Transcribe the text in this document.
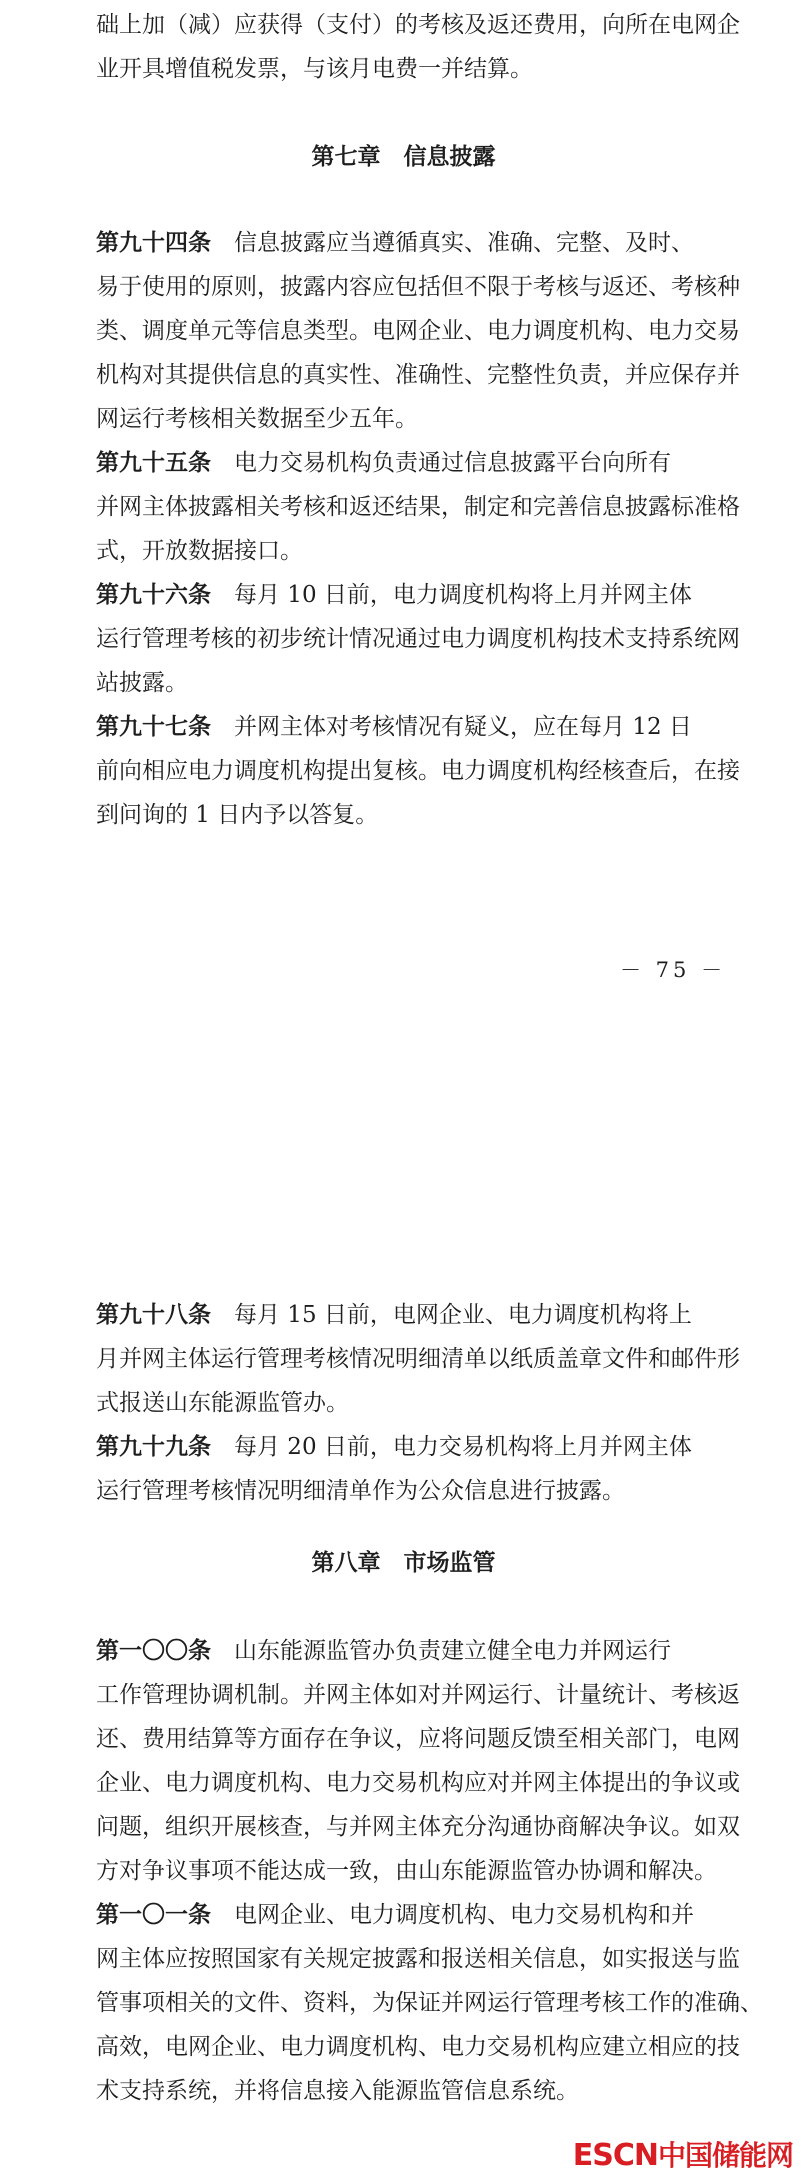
础上加（减）应获得（支付）的考核及返还费用，向所在电网企
业开具增值税发票，与该月电费一并结算。
第七章　信息披露
第九十四条　信息披露应当遵循真实、准确、完整、及时、
易于使用的原则，披露内容应包括但不限于考核与返还、考核种
类、调度单元等信息类型。电网企业、电力调度机构、电力交易
机构对其提供信息的真实性、准确性、完整性负责，并应保存并
网运行考核相关数据至少五年。
第九十五条　电力交易机构负责通过信息披露平台向所有
并网主体披露相关考核和返还结果，制定和完善信息披露标准格
式，开放数据接口。
第九十六条　每月 10 日前，电力调度机构将上月并网主体
运行管理考核的初步统计情况通过电力调度机构技术支持系统网
站披露。
第九十七条　并网主体对考核情况有疑义，应在每月 12 日
前向相应电力调度机构提出复核。电力调度机构经核查后，在接
到问询的 1 日内予以答复。
－ 75 －
第九十八条　每月 15 日前，电网企业、电力调度机构将上
月并网主体运行管理考核情况明细清单以纸质盖章文件和邮件形
式报送山东能源监管办。
第九十九条　每月 20 日前，电力交易机构将上月并网主体
运行管理考核情况明细清单作为公众信息进行披露。
第八章　市场监管
第一〇〇条　山东能源监管办负责建立健全电力并网运行
工作管理协调机制。并网主体如对并网运行、计量统计、考核返
还、费用结算等方面存在争议，应将问题反馈至相关部门，电网
企业、电力调度机构、电力交易机构应对并网主体提出的争议或
问题，组织开展核查，与并网主体充分沟通协商解决争议。如双
方对争议事项不能达成一致，由山东能源监管办协调和解决。
第一〇一条　电网企业、电力调度机构、电力交易机构和并
网主体应按照国家有关规定披露和报送相关信息，如实报送与监
管事项相关的文件、资料，为保证并网运行管理考核工作的准确、
高效，电网企业、电力调度机构、电力交易机构应建立相应的技
术支持系统，并将信息接入能源监管信息系统。
ESCN中国储能网
